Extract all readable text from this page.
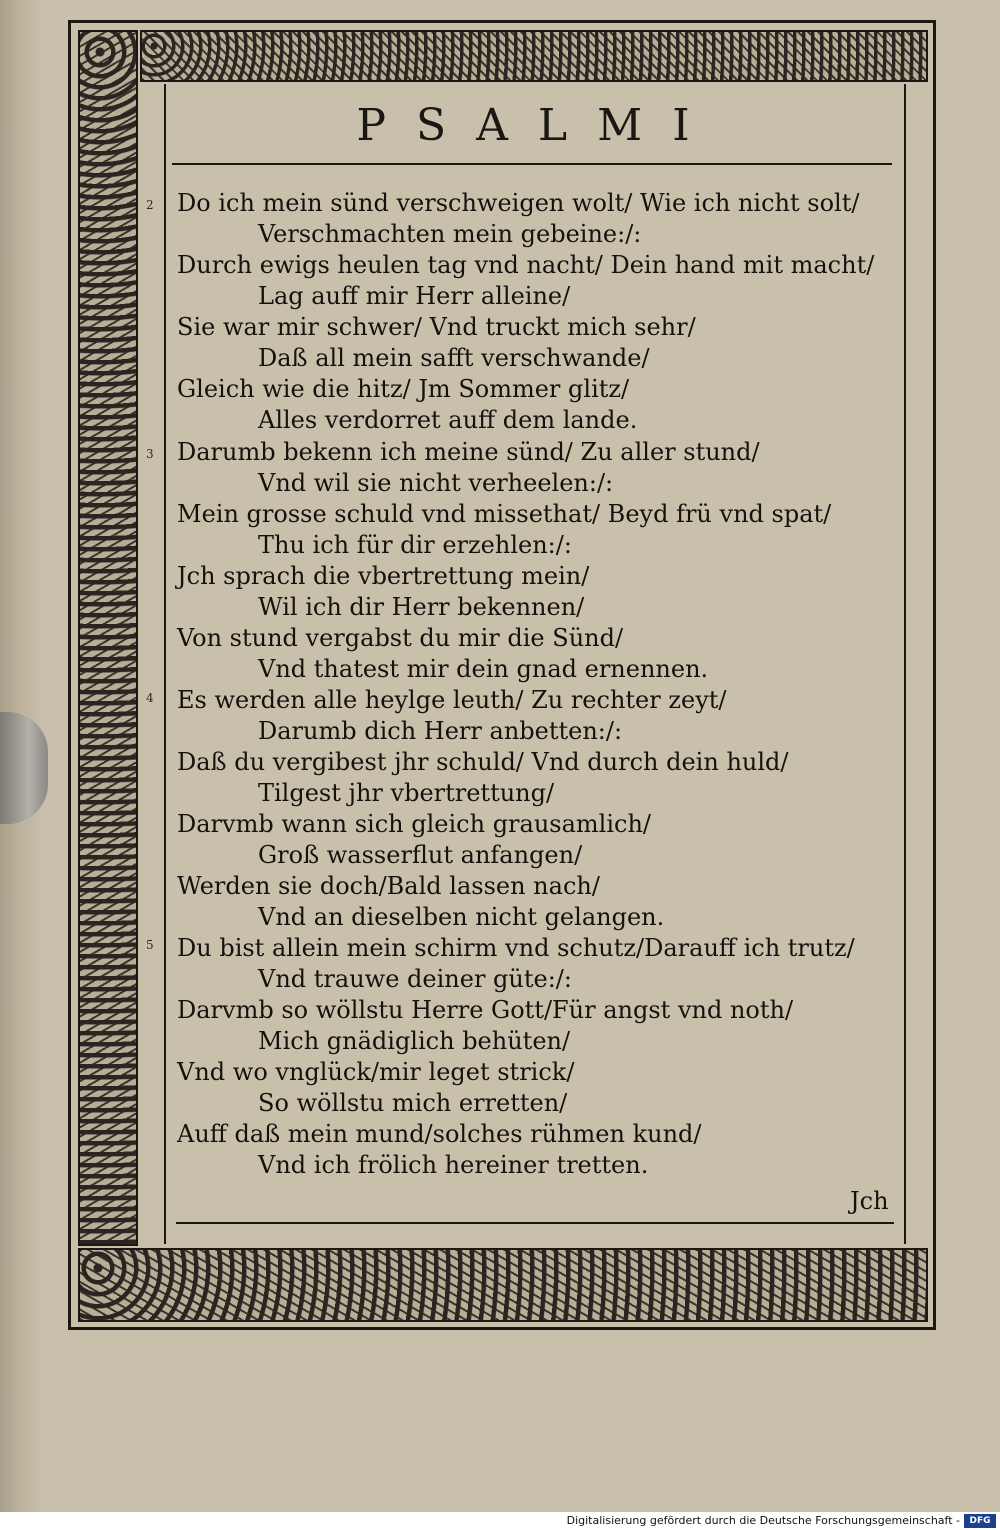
PSALMI
2
3
4
5
Do ich mein sünd verschweigen wolt/ Wie ich nicht solt/
Verschmachten mein gebeine:/:
Durch ewigs heulen tag vnd nacht/ Dein hand mit macht/
Lag auff mir Herr alleine/
Sie war mir schwer/ Vnd truckt mich sehr/
Daß all mein safft verschwande/
Gleich wie die hitz/ Jm Sommer glitz/
Alles verdorret auff dem lande.
Darumb bekenn ich meine sünd/ Zu aller stund/
Vnd wil sie nicht verheelen:/:
Mein grosse schuld vnd missethat/ Beyd frü vnd spat/
Thu ich für dir erzehlen:/:
Jch sprach die vbertrettung mein/
Wil ich dir Herr bekennen/
Von stund vergabst du mir die Sünd/
Vnd thatest mir dein gnad ernennen.
Es werden alle heylge leuth/ Zu rechter zeyt/
Darumb dich Herr anbetten:/:
Daß du vergibest jhr schuld/ Vnd durch dein huld/
Tilgest jhr vbertrettung/
Darvmb wann sich gleich grausamlich/
Groß wasserflut anfangen/
Werden sie doch/Bald lassen nach/
Vnd an dieselben nicht gelangen.
Du bist allein mein schirm vnd schutz/Darauff ich trutz/
Vnd trauwe deiner güte:/:
Darvmb so wöllstu Herre Gott/Für angst vnd noth/
Mich gnädiglich behüten/
Vnd wo vnglück/mir leget strick/
So wöllstu mich erretten/
Auff daß mein mund/solches rühmen kund/
Vnd ich frölich hereiner tretten.
Jch
Digitalisierung gefördert durch die Deutsche Forschungsgemeinschaft -	DFG
